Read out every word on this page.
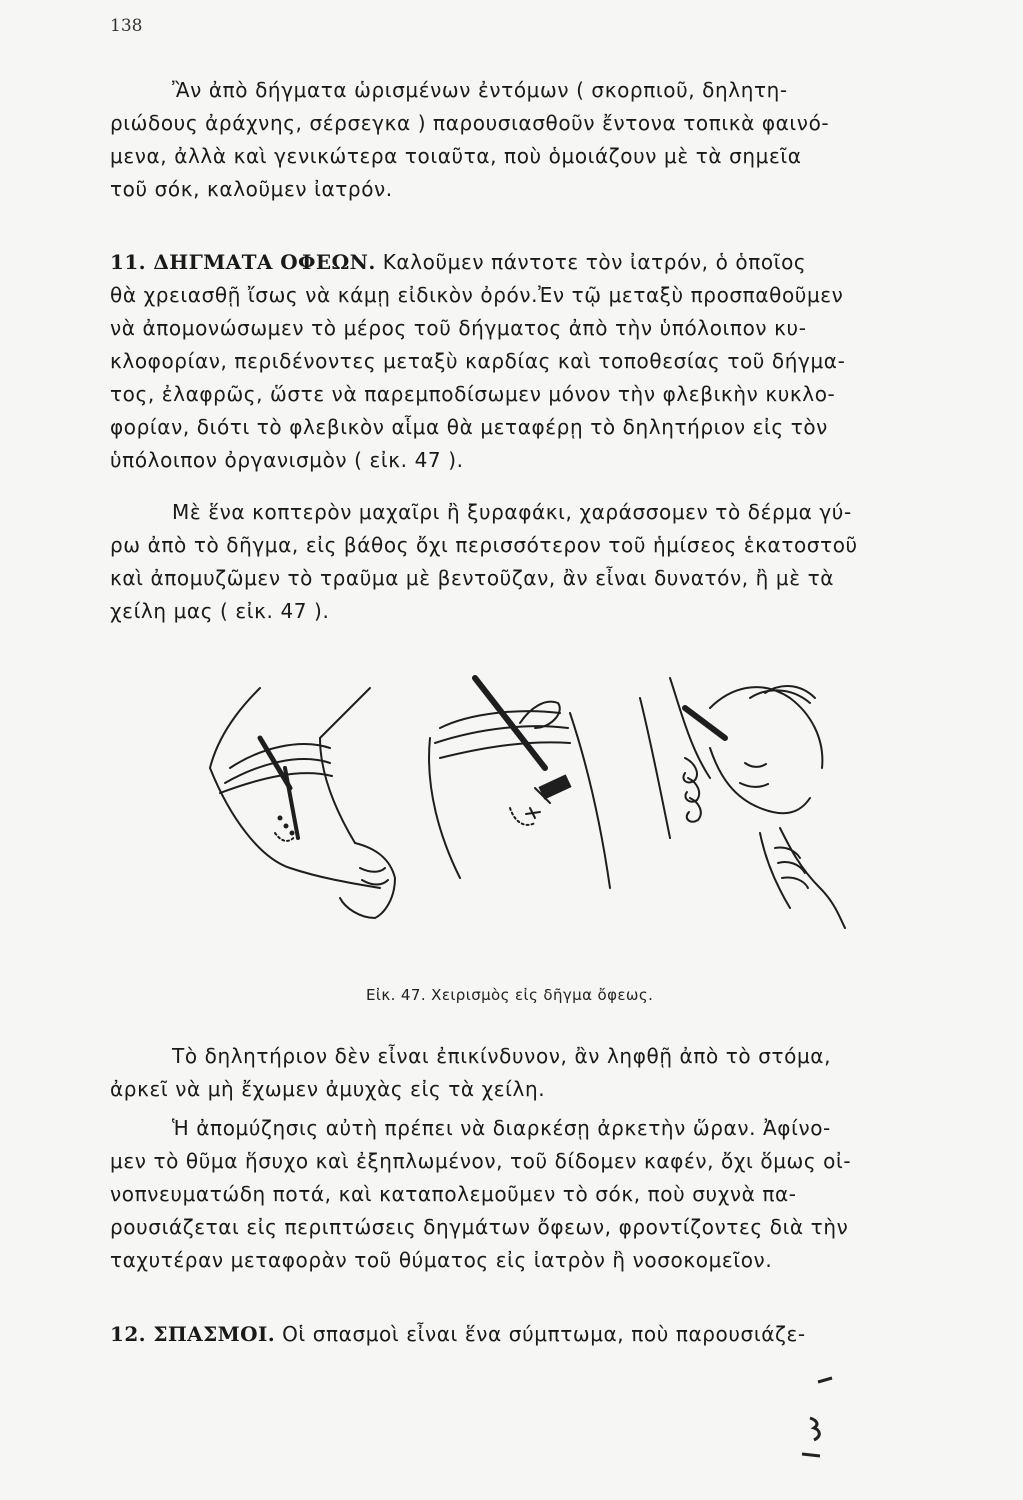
138

Ἂν ἀπὸ δήγματα ὡρισμένων ἐντόμων ( σκορπιοῦ, δηλητη-
ριώδους ἀράχνης, σέρσεγκα ) παρουσιασθοῦν ἔντονα τοπικὰ φαινό-
μενα, ἀλλὰ καὶ γενικώτερα τοιαῦτα, ποὺ ὁμοιάζουν μὲ τὰ σημεῖα
τοῦ σόκ, καλοῦμεν ἰατρόν.

11. ΔΗΓΜΑΤΑ ΟΦΕΩΝ. Καλοῦμεν πάντοτε τὸν ἰατρόν, ὁ ὁποῖος
θὰ χρειασθῇ ἴσως νὰ κάμῃ εἰδικὸν ὀρόν.Ἐν τῷ μεταξὺ προσπαθοῦμεν
νὰ ἀπομονώσωμεν τὸ μέρος τοῦ δήγματος ἀπὸ τὴν ὑπόλοιπον κυ-
κλοφορίαν, περιδένοντες μεταξὺ καρδίας καὶ τοποθεσίας τοῦ δήγμα-
τος, ἐλαφρῶς, ὥστε νὰ παρεμποδίσωμεν μόνον τὴν φλεβικὴν κυκλο-
φορίαν, διότι τὸ φλεβικὸν αἷμα θὰ μεταφέρῃ τὸ δηλητήριον εἰς τὸν
ὑπόλοιπον ὀργανισμὸν ( εἰκ. 47 ).

Μὲ ἕνα κοπτερὸν μαχαῖρι ἢ ξυραφάκι, χαράσσομεν τὸ δέρμα γύ-
ρω ἀπὸ τὸ δῆγμα, εἰς βάθος ὄχι περισσότερον τοῦ ἡμίσεος ἑκατοστοῦ
καὶ ἀπομυζῶμεν τὸ τραῦμα μὲ βεντοῦζαν, ἂν εἶναι δυνατόν, ἢ μὲ τὰ
χείλη μας ( εἰκ. 47 ).

Εἰκ. 47. Χειρισμὸς εἰς δῆγμα ὄφεως.

Τὸ δηλητήριον δὲν εἶναι ἐπικίνδυνον, ἂν ληφθῇ ἀπὸ τὸ στόμα,
ἀρκεῖ νὰ μὴ ἔχωμεν ἀμυχὰς εἰς τὰ χείλη.

Ἡ ἀπομύζησις αὐτὴ πρέπει νὰ διαρκέσῃ ἀρκετὴν ὥραν. Ἀφίνο-
μεν τὸ θῦμα ἥσυχο καὶ ἐξηπλωμένον, τοῦ δίδομεν καφέν, ὄχι ὅμως οἰ-
νοπνευματώδη ποτά, καὶ καταπολεμοῦμεν τὸ σόκ, ποὺ συχνὰ πα-
ρουσιάζεται εἰς περιπτώσεις δηγμάτων ὄφεων, φροντίζοντες διὰ τὴν
ταχυτέραν μεταφορὰν τοῦ θύματος εἰς ἰατρὸν ἢ νοσοκομεῖον.

12. ΣΠΑΣΜΟΙ. Οἱ σπασμοὶ εἶναι ἕνα σύμπτωμα, ποὺ παρουσιάζε-
